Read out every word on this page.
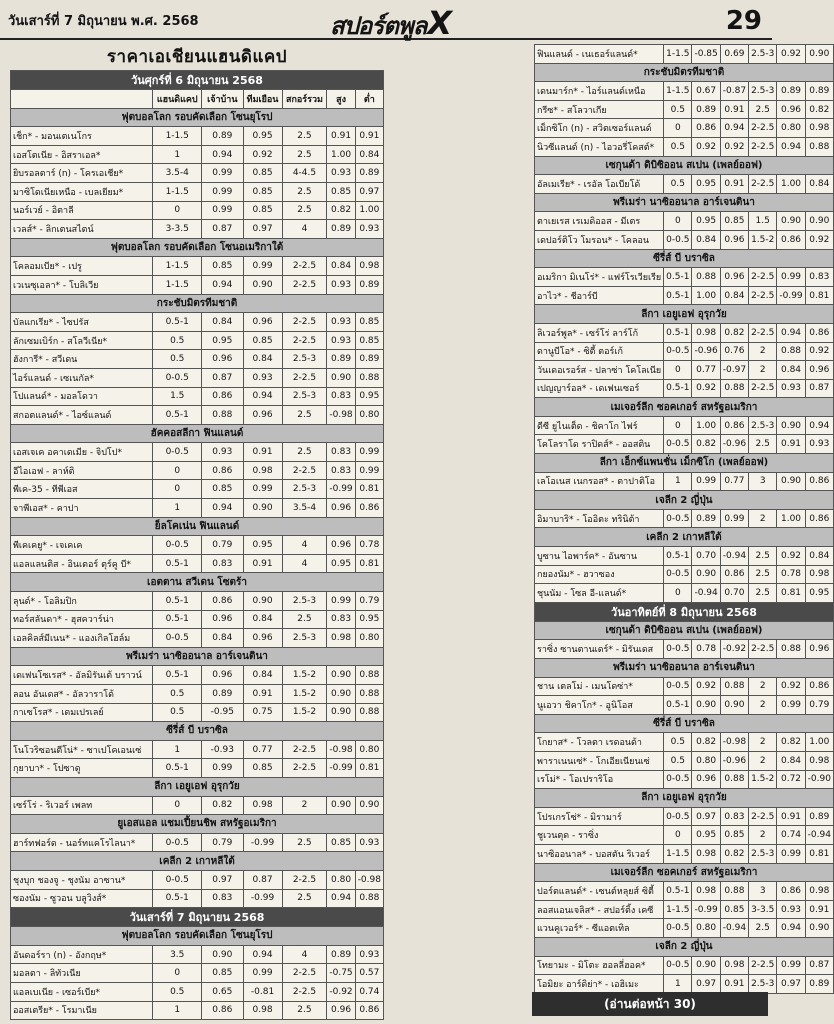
วันเสาร์ที่ 7 มิถุนายน พ.ศ. 2568	สปอร์ตพูลX	29
ราคาเอเชียนแฮนดิแคป
วันศุกร์ที่ 6 มิถุนายน 2568						
	แฮนดิแคป	เจ้าบ้าน	ทีมเยือน	สกอร์รวม	สูง	ต่ำ
ฟุตบอลโลก รอบคัดเลือก โซนยุโรป						
เช็ก* - มอนเตเนโกร	1-1.5	0.89	0.95	2.5	0.91	0.91
เอสโตเนีย - อิสราเอล*	1	0.94	0.92	2.5	1.00	0.84
ยิบรอลตาร์ (n) - โครเอเชีย*	3.5-4	0.99	0.85	4-4.5	0.93	0.89
มาซิโดเนียเหนือ - เบลเยียม*	1-1.5	0.99	0.85	2.5	0.85	0.97
นอร์เวย์ - อิตาลี	0	0.99	0.85	2.5	0.82	1.00
เวลส์* - ลิกเตนสไตน์	3-3.5	0.87	0.97	4	0.89	0.93
ฟุตบอลโลก รอบคัดเลือก โซนอเมริกาใต้						
โคลอมเบีย* - เปรู	1-1.5	0.85	0.99	2-2.5	0.84	0.98
เวเนซุเอลา* - โบลิเวีย	1-1.5	0.94	0.90	2-2.5	0.93	0.89
กระชับมิตรทีมชาติ						
บัลแกเรีย* - ไซปรัส	0.5-1	0.84	0.96	2-2.5	0.93	0.85
ลักเซมเบิร์ก - สโลวีเนีย*	0.5	0.95	0.85	2-2.5	0.93	0.85
ฮังการี* - สวีเดน	0.5	0.96	0.84	2.5-3	0.89	0.89
ไอร์แลนด์ - เซเนกัล*	0-0.5	0.87	0.93	2-2.5	0.90	0.88
โปแลนด์* - มอลโดวา	1.5	0.86	0.94	2.5-3	0.83	0.95
สกอตแลนด์* - ไอซ์แลนด์	0.5-1	0.88	0.96	2.5	-0.98	0.80
ฮัคคอสลีกา ฟินแลนด์						
เอสเจเค อคาเดเมีย - จิปโป*	0-0.5	0.93	0.91	2.5	0.83	0.99
อีไอเอฟ - ลาห์ติ	0	0.86	0.98	2-2.5	0.83	0.99
พีเค-35 - ทีพีเอส	0	0.85	0.99	2.5-3	-0.99	0.81
จาพีเอส* - คาปา	1	0.94	0.90	3.5-4	0.96	0.86
ย็ลโคเน่น ฟินแลนด์						
พีเคเคยู* - เจเคเค	0-0.5	0.79	0.95	4	0.96	0.78
แอลแลนติส - อินเตอร์ ตุร์คู บี*	0.5-1	0.83	0.91	4	0.95	0.81
เอตตาน สวีเดน โซตร้า						
ลุนด์* - โอลิมปิก	0.5-1	0.86	0.90	2.5-3	0.99	0.79
ทอร์สลันดา* - ฮุสควาร์น่า	0.5-1	0.96	0.84	2.5	0.83	0.95
เอลคิลส์มีเนน* - แองเกิลโฮล์ม	0-0.5	0.84	0.96	2.5-3	0.98	0.80
พรีเมร่า นาซิออนาล อาร์เจนตินา						
เดเฟนโซเรส* - อัลมิรันเต้ บราวน์	0.5-1	0.96	0.84	1.5-2	0.90	0.88
ลอน อันเดส* - อัลวาราโด้	0.5	0.89	0.91	1.5-2	0.90	0.88
กาเซโรส* - เดมเปรเลย์	0.5	-0.95	0.75	1.5-2	0.90	0.88
ซีรี่ส์ บี บราซิล						
โนโวริซอนตีโน่* - ซาเปโคเอนเซ่	1	-0.93	0.77	2-2.5	-0.98	0.80
กุยาบา* - โปซาดู	0.5-1	0.99	0.85	2-2.5	-0.99	0.81
ลีกา เอยูเอฟ อุรุกวัย						
เซร์โร่ - ริเวอร์ เพลท	0	0.82	0.98	2	0.90	0.90
ยูเอสแอล แชมเปี้ยนชิพ สหรัฐอเมริกา						
ฮาร์ทฟอร์ด - นอร์ทแคโรไลนา*	0-0.5	0.79	-0.99	2.5	0.85	0.93
เคลีก 2 เกาหลีใต้						
ชุงบุก ชองจู - ชุงนัม อาซาน*	0-0.5	0.97	0.87	2-2.5	0.80	-0.98
ซองนัม - ซูวอน บลูวิงส์*	0.5-1	0.83	-0.99	2.5	0.94	0.88
วันเสาร์ที่ 7 มิถุนายน 2568						
ฟุตบอลโลก รอบคัดเลือก โซนยุโรป						
อันดอร์รา (n) - อังกฤษ*	3.5	0.90	0.94	4	0.89	0.93
มอลตา - ลิทัวเนีย	0	0.85	0.99	2-2.5	-0.75	0.57
แอลเบเนีย - เซอร์เบีย*	0.5	0.65	-0.81	2-2.5	-0.92	0.74
ออสเตรีย* - โรมาเนีย	1	0.86	0.98	2.5	0.96	0.86
ฟินแลนด์ - เนเธอร์แลนด์*	1-1.5	-0.85	0.69	2.5-3	0.92	0.90
กระชับมิตรทีมชาติ						
เดนมาร์ก* - ไอร์แลนด์เหนือ	1-1.5	0.67	-0.87	2.5-3	0.89	0.89
กรีซ* - สโลวาเกีย	0.5	0.89	0.91	2.5	0.96	0.82
เม็กซิโก (n) - สวิตเซอร์แลนด์	0	0.86	0.94	2-2.5	0.80	0.98
นิวซีแลนด์ (n) - ไอวอรี่โคสต์*	0.5	0.92	0.92	2-2.5	0.94	0.88
เซกุนด้า ดิบิซิออน สเปน (เพลย์ออฟ)						
อัลเมเรีย* - เรอัล โอเบียโด้	0.5	0.95	0.91	2-2.5	1.00	0.84
พรีเมร่า นาซิออนาล อาร์เจนตินา						
ตาเยเรส เรเมดิออส - มีเตร	0	0.95	0.85	1.5	0.90	0.90
เดปอร์ติโว โมรอน* - โคลอน	0-0.5	0.84	0.96	1.5-2	0.86	0.92
ซีรี่ส์ บี บราซิล						
อเมริกา มิเนโร่* - แฟร์โรเวียเรีย	0.5-1	0.88	0.96	2-2.5	0.99	0.83
อาไว* - ชีอาร์บี	0.5-1	1.00	0.84	2-2.5	-0.99	0.81
ลีกา เอยูเอฟ อุรุกวัย						
ลิเวอร์พูล* - เซร์โร่ ลาร์โก้	0.5-1	0.98	0.82	2-2.5	0.94	0.86
ดานูบีโอ* - ซิตี้ ตอร์เก้	0-0.5	-0.96	0.76	2	0.88	0.92
วันเดอเรอร์ส - ปลาซ่า โคโลเนีย	0	0.77	-0.97	2	0.84	0.96
เปญญาร์อล* - เดเฟนเซอร์	0.5-1	0.92	0.88	2-2.5	0.93	0.87
เมเจอร์ลีก ซอคเกอร์ สหรัฐอเมริกา						
ดีซี ยูไนเต็ด - ชิคาโก ไฟร์	0	1.00	0.86	2.5-3	0.90	0.94
โคโลราโด ราปิดส์* - ออสติน	0-0.5	0.82	-0.96	2.5	0.91	0.93
ลีกา เอ็กซ์แพนชั่น เม็กซิโก (เพลย์ออฟ)						
เลโอเนส เนกรอส* - ตาปาติโอ	1	0.99	0.77	3	0.90	0.86
เจลีก 2 ญี่ปุ่น						
อิมาบาริ* - โออิตะ ทรินิต้า	0-0.5	0.89	0.99	2	1.00	0.86
เคลีก 2 เกาหลีใต้						
บูซาน ไอพาร์ค* - อันซาน	0.5-1	0.70	-0.94	2.5	0.92	0.84
กยองนัม* - ฮวาซอง	0-0.5	0.90	0.86	2.5	0.78	0.98
ชุนนัม - โซล อี-แลนด์*	0	-0.94	0.70	2.5	0.81	0.95
วันอาทิตย์ที่ 8 มิถุนายน 2568						
เซกุนด้า ดิบิซิออน สเปน (เพลย์ออฟ)						
ราซิ่ง ซานตานเดร์* - มิรันเดส	0-0.5	0.78	-0.92	2-2.5	0.88	0.96
พรีเมร่า นาซิออนาล อาร์เจนตินา						
ชาน เตลโม่ - เมนโดซ่า*	0-0.5	0.92	0.88	2	0.92	0.86
นูเอวา ชิคาโก* - อูนิโอส	0.5-1	0.90	0.90	2	0.99	0.79
ซีรี่ส์ บี บราซิล						
โกยาส* - โวลตา เรดอนด้า	0.5	0.82	-0.98	2	0.82	1.00
พาราเนนเซ่* - โกเอียเนียนเซ่	0.5	0.80	-0.96	2	0.84	0.98
เรโม่* - โอเปราริโอ	0-0.5	0.96	0.88	1.5-2	0.72	-0.90
ลีกา เอยูเอฟ อุรุกวัย						
โปรเกรโซ่* - มิรามาร์	0-0.5	0.97	0.83	2-2.5	0.91	0.89
ชูเวนตุด - ราซิ่ง	0	0.95	0.85	2	0.74	-0.94
นาซิออนาล* - บอสตัน ริเวอร์	1-1.5	0.98	0.82	2.5-3	0.99	0.81
เมเจอร์ลีก ซอคเกอร์ สหรัฐอเมริกา						
ปอร์ตแลนด์* - เซนต์หลุยส์ ซิตี้	0.5-1	0.98	0.88	3	0.86	0.98
ลอสแอนเจลิส* - สปอร์ติ้ง เคซี	1-1.5	-0.99	0.85	3-3.5	0.93	0.91
แวนคูเวอร์* - ซีแอตเทิล	0-0.5	0.80	-0.94	2.5	0.94	0.90
เจลีก 2 ญี่ปุ่น						
โทยามะ - มิโตะ ฮอลลี่ฮอค*	0-0.5	0.90	0.98	2-2.5	0.99	0.87
โอมิยะ อาร์ดิย่า* - เอฮิเมะ	1	0.97	0.91	2.5-3	0.97	0.89
(อ่านต่อหน้า 30)
